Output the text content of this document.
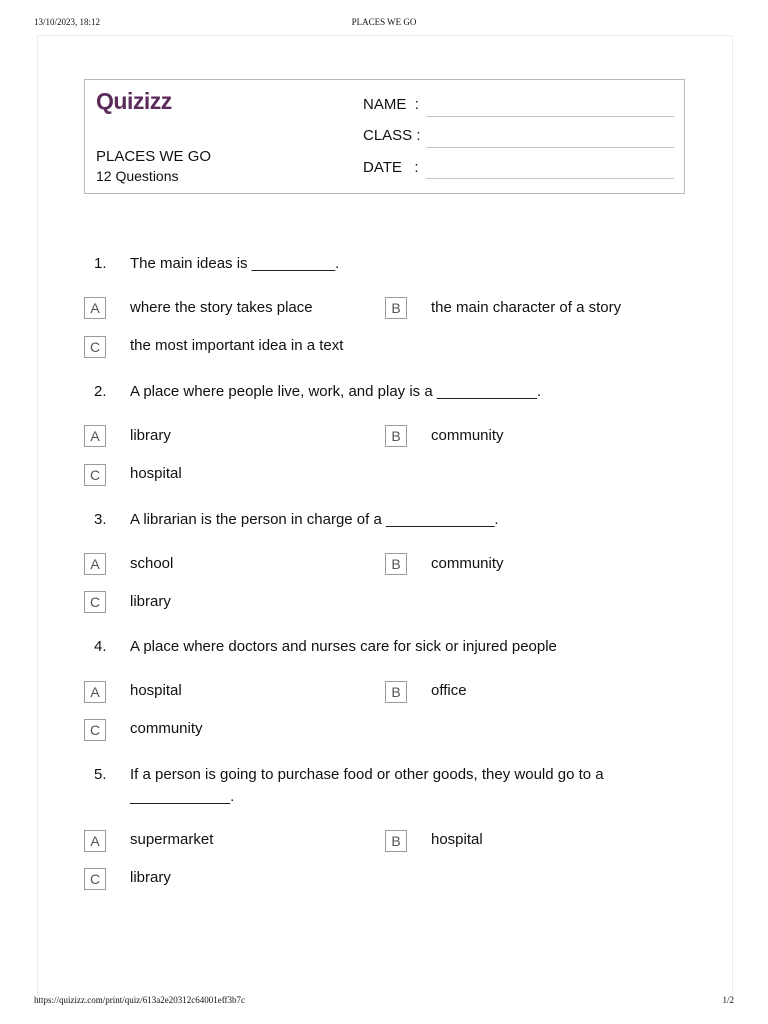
13/10/2023, 18:12	PLACES WE GO
Quizizz
PLACES WE GO
12 Questions
NAME :
CLASS :
DATE :
1. The main ideas is __________.
A	where the story takes place	B	the main character of a story
C	the most important idea in a text
2. A place where people live, work, and play is a ____________.
A	library	B	community
C	hospital
3. A librarian is the person in charge of a _____________.
A	school	B	community
C	library
4. A place where doctors and nurses care for sick or injured people
A	hospital	B	office
C	community
5. If a person is going to purchase food or other goods, they would go to a ____________.
A	supermarket	B	hospital
C	library
https://quizizz.com/print/quiz/613a2e20312c64001eff3b7c	1/2
